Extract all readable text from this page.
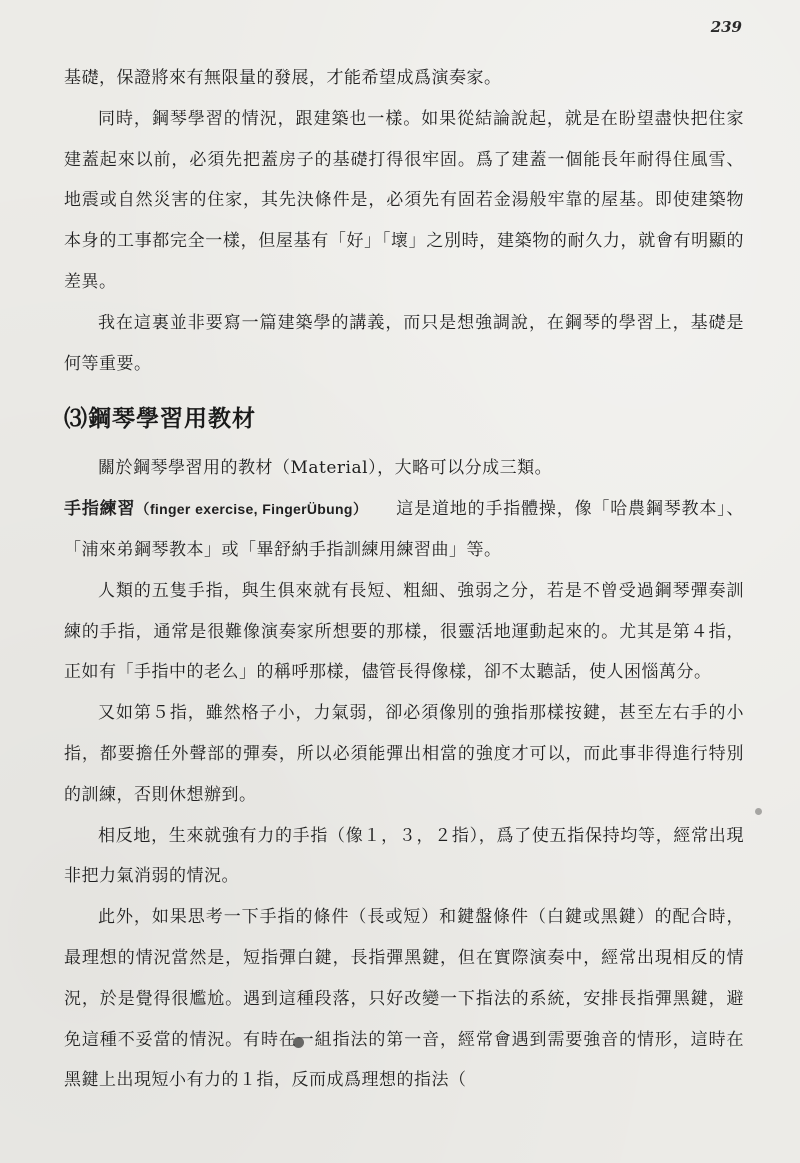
239

基礎，保證將來有無限量的發展，才能希望成爲演奏家。

同時，鋼琴學習的情況，跟建築也一樣。如果從結論說起，就是在盼望盡快把住家建蓋起來以前，必須先把蓋房子的基礎打得很牢固。爲了建蓋一個能長年耐得住風雪、地震或自然災害的住家，其先決條件是，必須先有固若金湯般牢靠的屋基。即使建築物本身的工事都完全一樣，但屋基有「好」「壞」之別時，建築物的耐久力，就會有明顯的差異。

我在這裏並非要寫一篇建築學的講義，而只是想強調說，在鋼琴的學習上，基礎是何等重要。

⑶鋼琴學習用教材

關於鋼琴學習用的教材（Material），大略可以分成三類。

手指練習（finger exercise, FingerÜbung）　　這是道地的手指體操，像「哈農鋼琴教本」、「浦來弟鋼琴教本」或「畢舒納手指訓練用練習曲」等。

人類的五隻手指，與生俱來就有長短、粗細、強弱之分，若是不曾受過鋼琴彈奏訓練的手指，通常是很難像演奏家所想要的那樣，很靈活地運動起來的。尤其是第４指，正如有「手指中的老么」的稱呼那樣，儘管長得像樣，卻不太聽話，使人困惱萬分。

又如第５指，雖然格子小，力氣弱，卻必須像別的強指那樣按鍵，甚至左右手的小指，都要擔任外聲部的彈奏，所以必須能彈出相當的強度才可以，而此事非得進行特別的訓練，否則休想辦到。

相反地，生來就強有力的手指（像１，３，２指），爲了使五指保持均等，經常出現非把力氣消弱的情況。

此外，如果思考一下手指的條件（長或短）和鍵盤條件（白鍵或黑鍵）的配合時，最理想的情況當然是，短指彈白鍵，長指彈黑鍵，但在實際演奏中，經常出現相反的情況，於是覺得很尷尬。遇到這種段落，只好改變一下指法的系統，安排長指彈黑鍵，避免這種不妥當的情況。有時在一組指法的第一音，經常會遇到需要強音的情形，這時在黑鍵上出現短小有力的１指，反而成爲理想的指法（
